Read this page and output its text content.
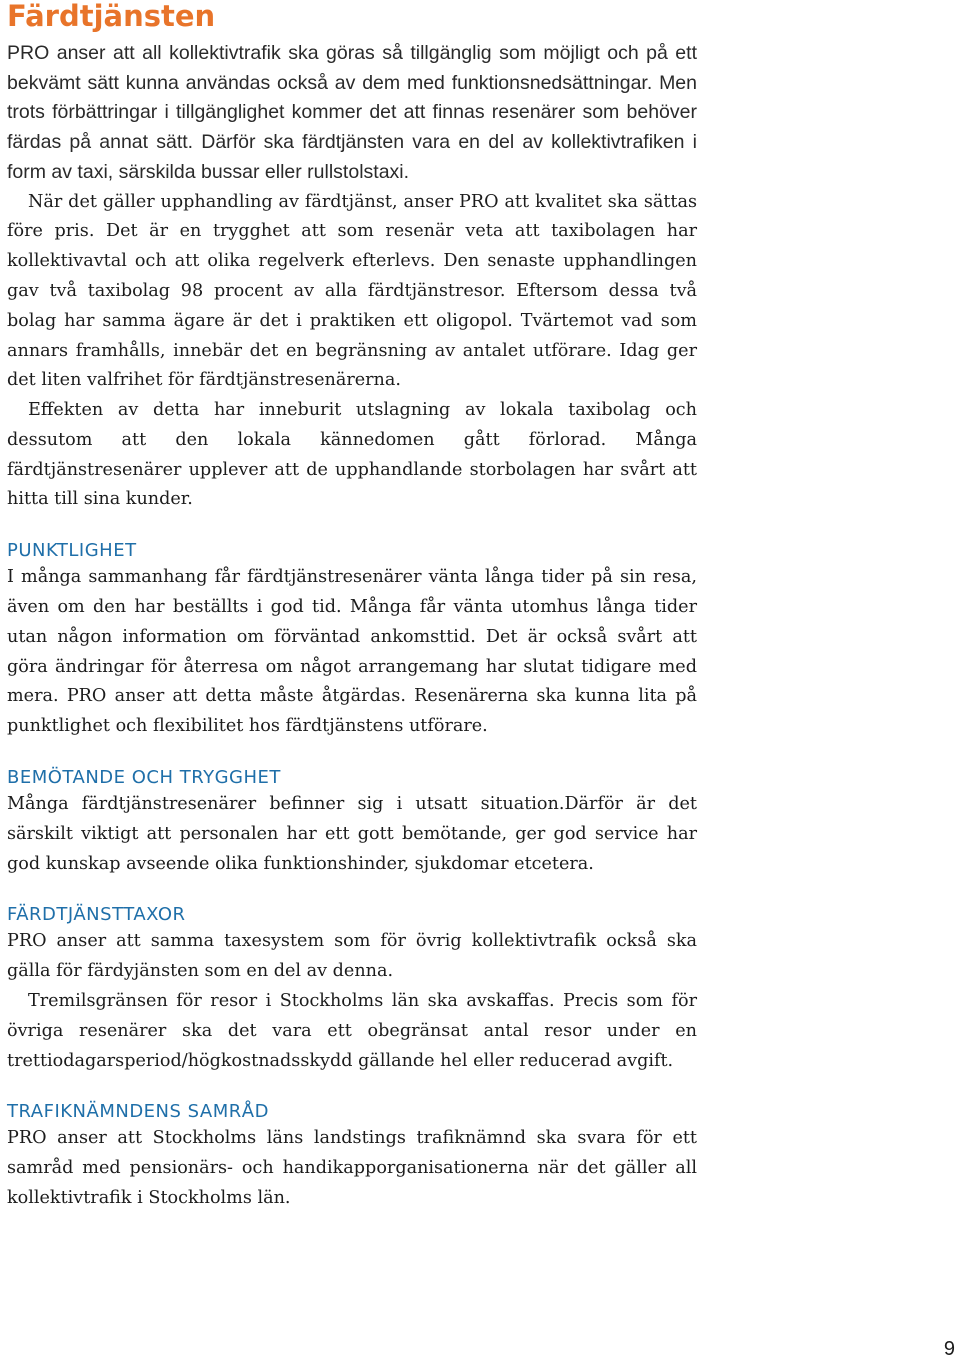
Färdtjänsten

PRO anser att all kollektivtrafik ska göras så tillgänglig som möjligt och på ett bekvämt sätt kunna användas också av dem med funktionsnedsättningar. Men trots förbättringar i tillgänglighet kommer det att finnas resenärer som behöver färdas på annat sätt. Därför ska färdtjänsten vara en del av kollektivtrafiken i form av taxi, särskilda bussar eller rullstolstaxi.

När det gäller upphandling av färdtjänst, anser PRO att kvalitet ska sättas före pris. Det är en trygghet att som resenär veta att taxibolagen har kollektivavtal och att olika regelverk efterlevs. Den senaste upphandlingen gav två taxibolag 98 procent av alla färdtjänstresor. Eftersom dessa två bolag har samma ägare är det i praktiken ett oligopol. Tvärtemot vad som annars framhålls, innebär det en begränsning av antalet utförare. Idag ger det liten valfrihet för färdtjänstresenärerna.

Effekten av detta har inneburit utslagning av lokala taxibolag och dessutom att den lokala kännedomen gått förlorad. Många färdtjänstresenärer upplever att de upphandlande storbolagen har svårt att hitta till sina kunder.

PUNKTLIGHET

I många sammanhang får färdtjänstresenärer vänta långa tider på sin resa, även om den har beställts i god tid. Många får vänta utomhus långa tider utan någon information om förväntad ankomsttid. Det är också svårt att göra ändringar för återresa om något arrangemang har slutat tidigare med mera. PRO anser att detta måste åtgärdas. Resenärerna ska kunna lita på punktlighet och flexibilitet hos färdtjänstens utförare.

BEMÖTANDE OCH TRYGGHET

Många färdtjänstresenärer befinner sig i utsatt situation.Därför är det särskilt viktigt att personalen har ett gott bemötande, ger god service har god kunskap avseende olika funktionshinder, sjukdomar etcetera.

FÄRDTJÄNSTTAXOR

PRO anser att samma taxesystem som för övrig kollektivtrafik också ska gälla för färdyjänsten som en del av denna.

Tremilsgränsen för resor i Stockholms län ska avskaffas. Precis som för övriga resenärer ska det vara ett obegränsat antal resor under en trettiodagarsperiod/högkostnadsskydd gällande hel eller reducerad avgift.

TRAFIKNÄMNDENS SAMRÅD

PRO anser att Stockholms läns landstings trafiknämnd ska svara för ett samråd med pensionärs- och handikapporganisationerna när det gäller all kollektivtrafik i Stockholms län.

9
